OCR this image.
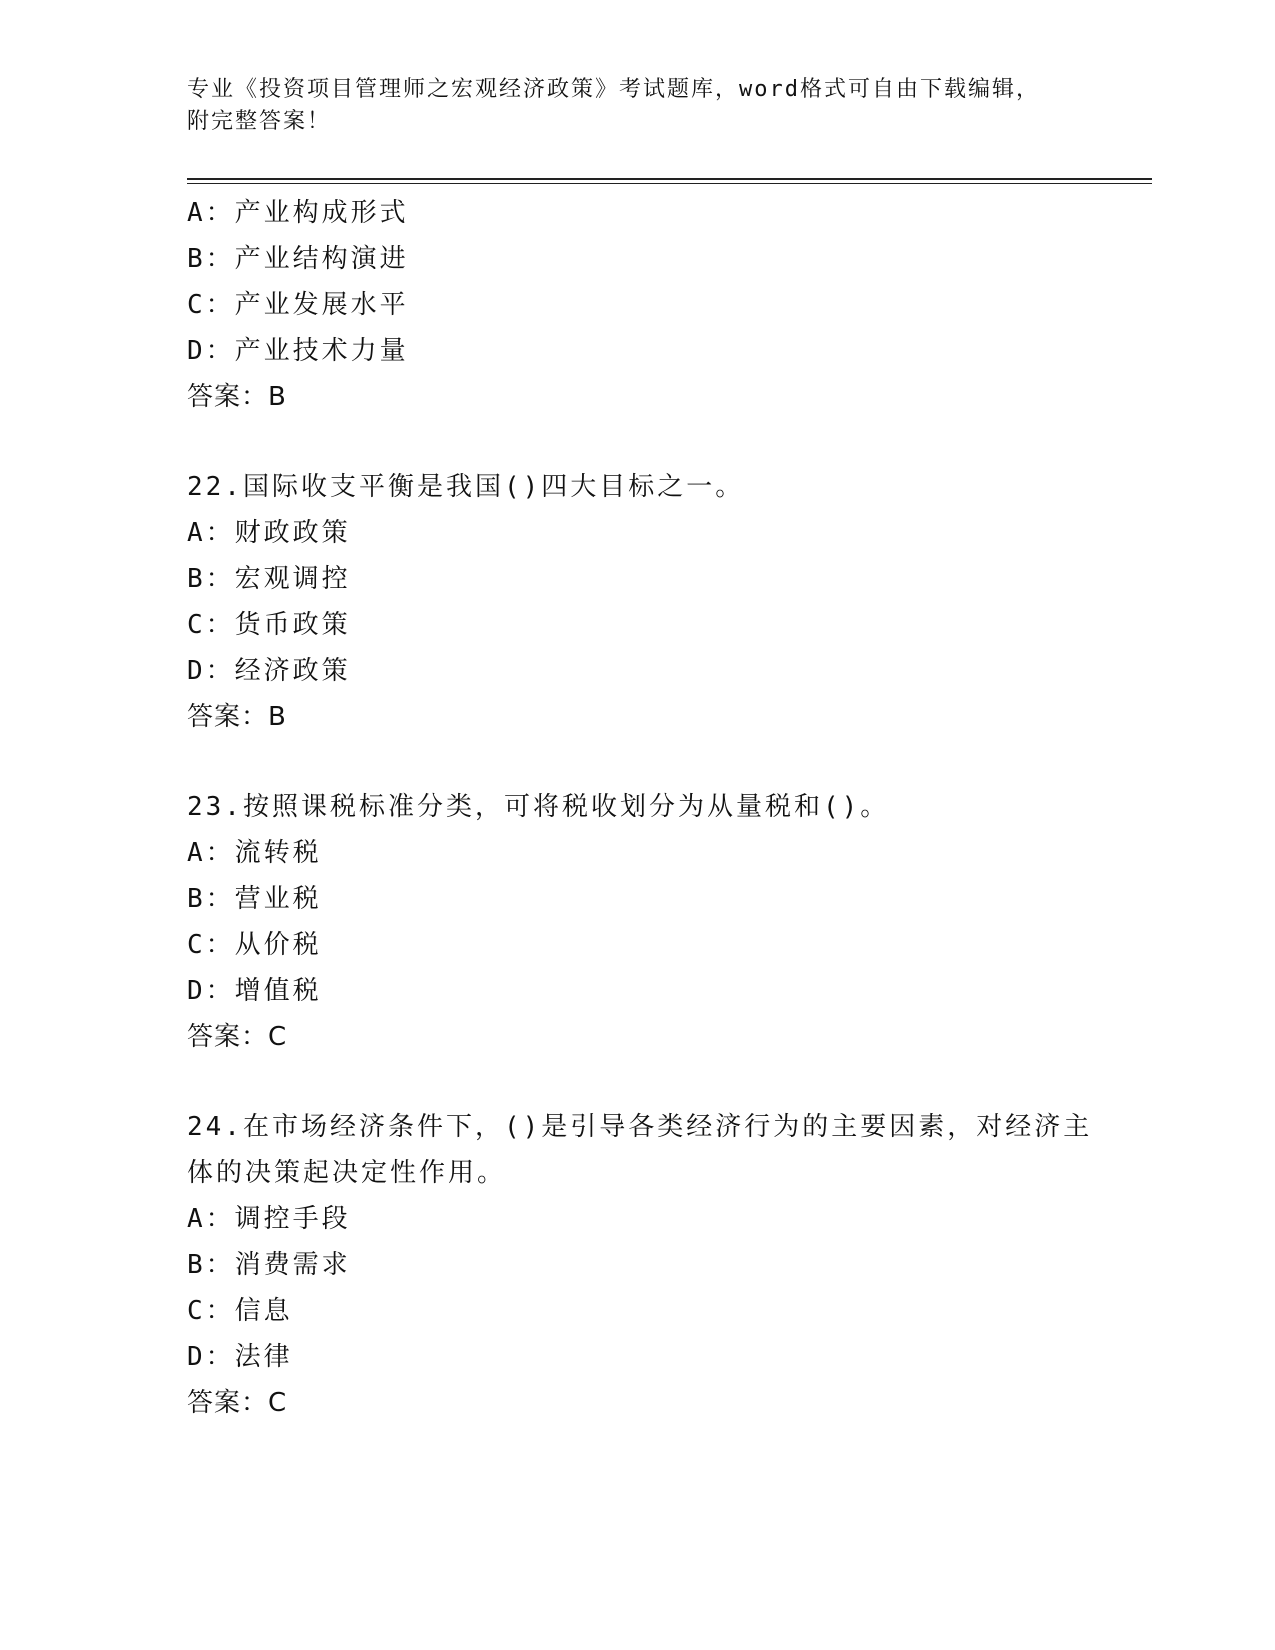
专业《投资项目管理师之宏观经济政策》考试题库，word格式可自由下载编辑，
附完整答案！
A：产业构成形式
B：产业结构演进
C：产业发展水平
D：产业技术力量
答案：B
22.国际收支平衡是我国()四大目标之一。
A：财政政策
B：宏观调控
C：货币政策
D：经济政策
答案：B
23.按照课税标准分类，可将税收划分为从量税和()。
A：流转税
B：营业税
C：从价税
D：增值税
答案：C
24.在市场经济条件下，()是引导各类经济行为的主要因素，对经济主
体的决策起决定性作用。
A：调控手段
B：消费需求
C：信息
D：法律
答案：C
